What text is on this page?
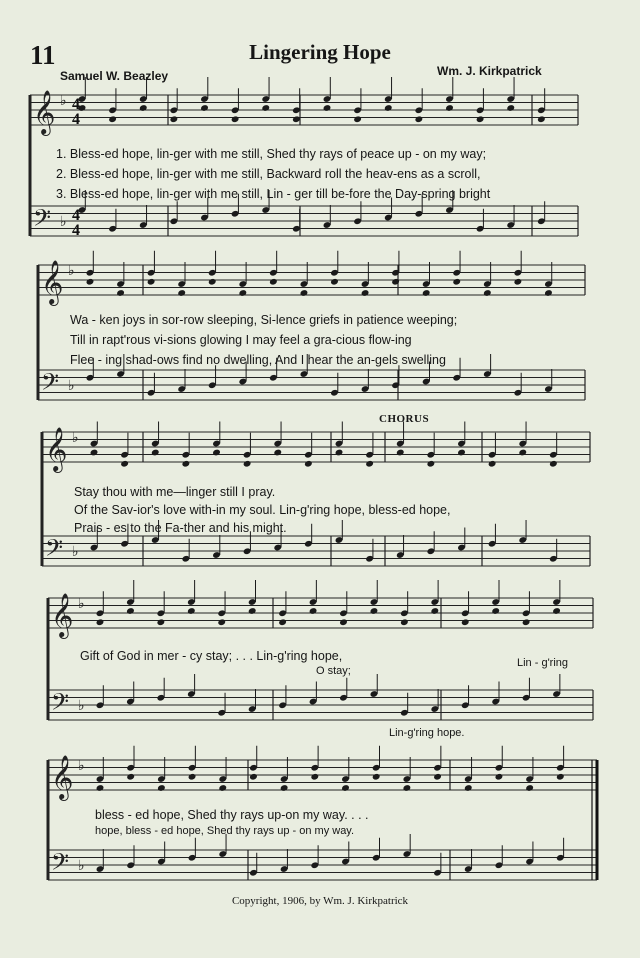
𝄞 ♭
𝄢 ♭
𝄞 ♭
𝄢 ♭
𝄞 ♭
𝄢 ♭
𝄞 ♭
𝄢 ♭
𝄞 ♭
𝄢 ♭
4
4
4
4
11	Lingering Hope
Samuel W. Beazley	Wm. J. Kirkpatrick
1. Bless-ed hope, lin-ger with me still, Shed thy rays of peace up - on my way;
2. Bless-ed hope, lin-ger with me still, Backward roll the heav-ens as a scroll,
3. Bless-ed hope, lin-ger with me still, Lin - ger till be-fore the Day-spring bright
Wa - ken joys in sor-row sleeping, Si-lence griefs in patience weeping;
Till in rapt'rous vi-sions glowing I may feel a gra-cious flow-ing
Flee - ing shad-ows find no dwelling, And I hear the an-gels swelling
CHORUS
Stay thou with me—linger still I pray.
Of the Sav-ior's love with-in my soul. Lin-g'ring hope, bless-ed hope,
Prais - es to the Fa-ther and his might.
Gift of God in mer - cy stay; . . . Lin-g'ring hope,
O stay;
Lin - g'ring
Lin-g'ring hope.
bless - ed hope, Shed thy rays up-on my way. . . .
hope, bless - ed hope, Shed thy rays up - on my way.
Copyright, 1906, by Wm. J. Kirkpatrick
